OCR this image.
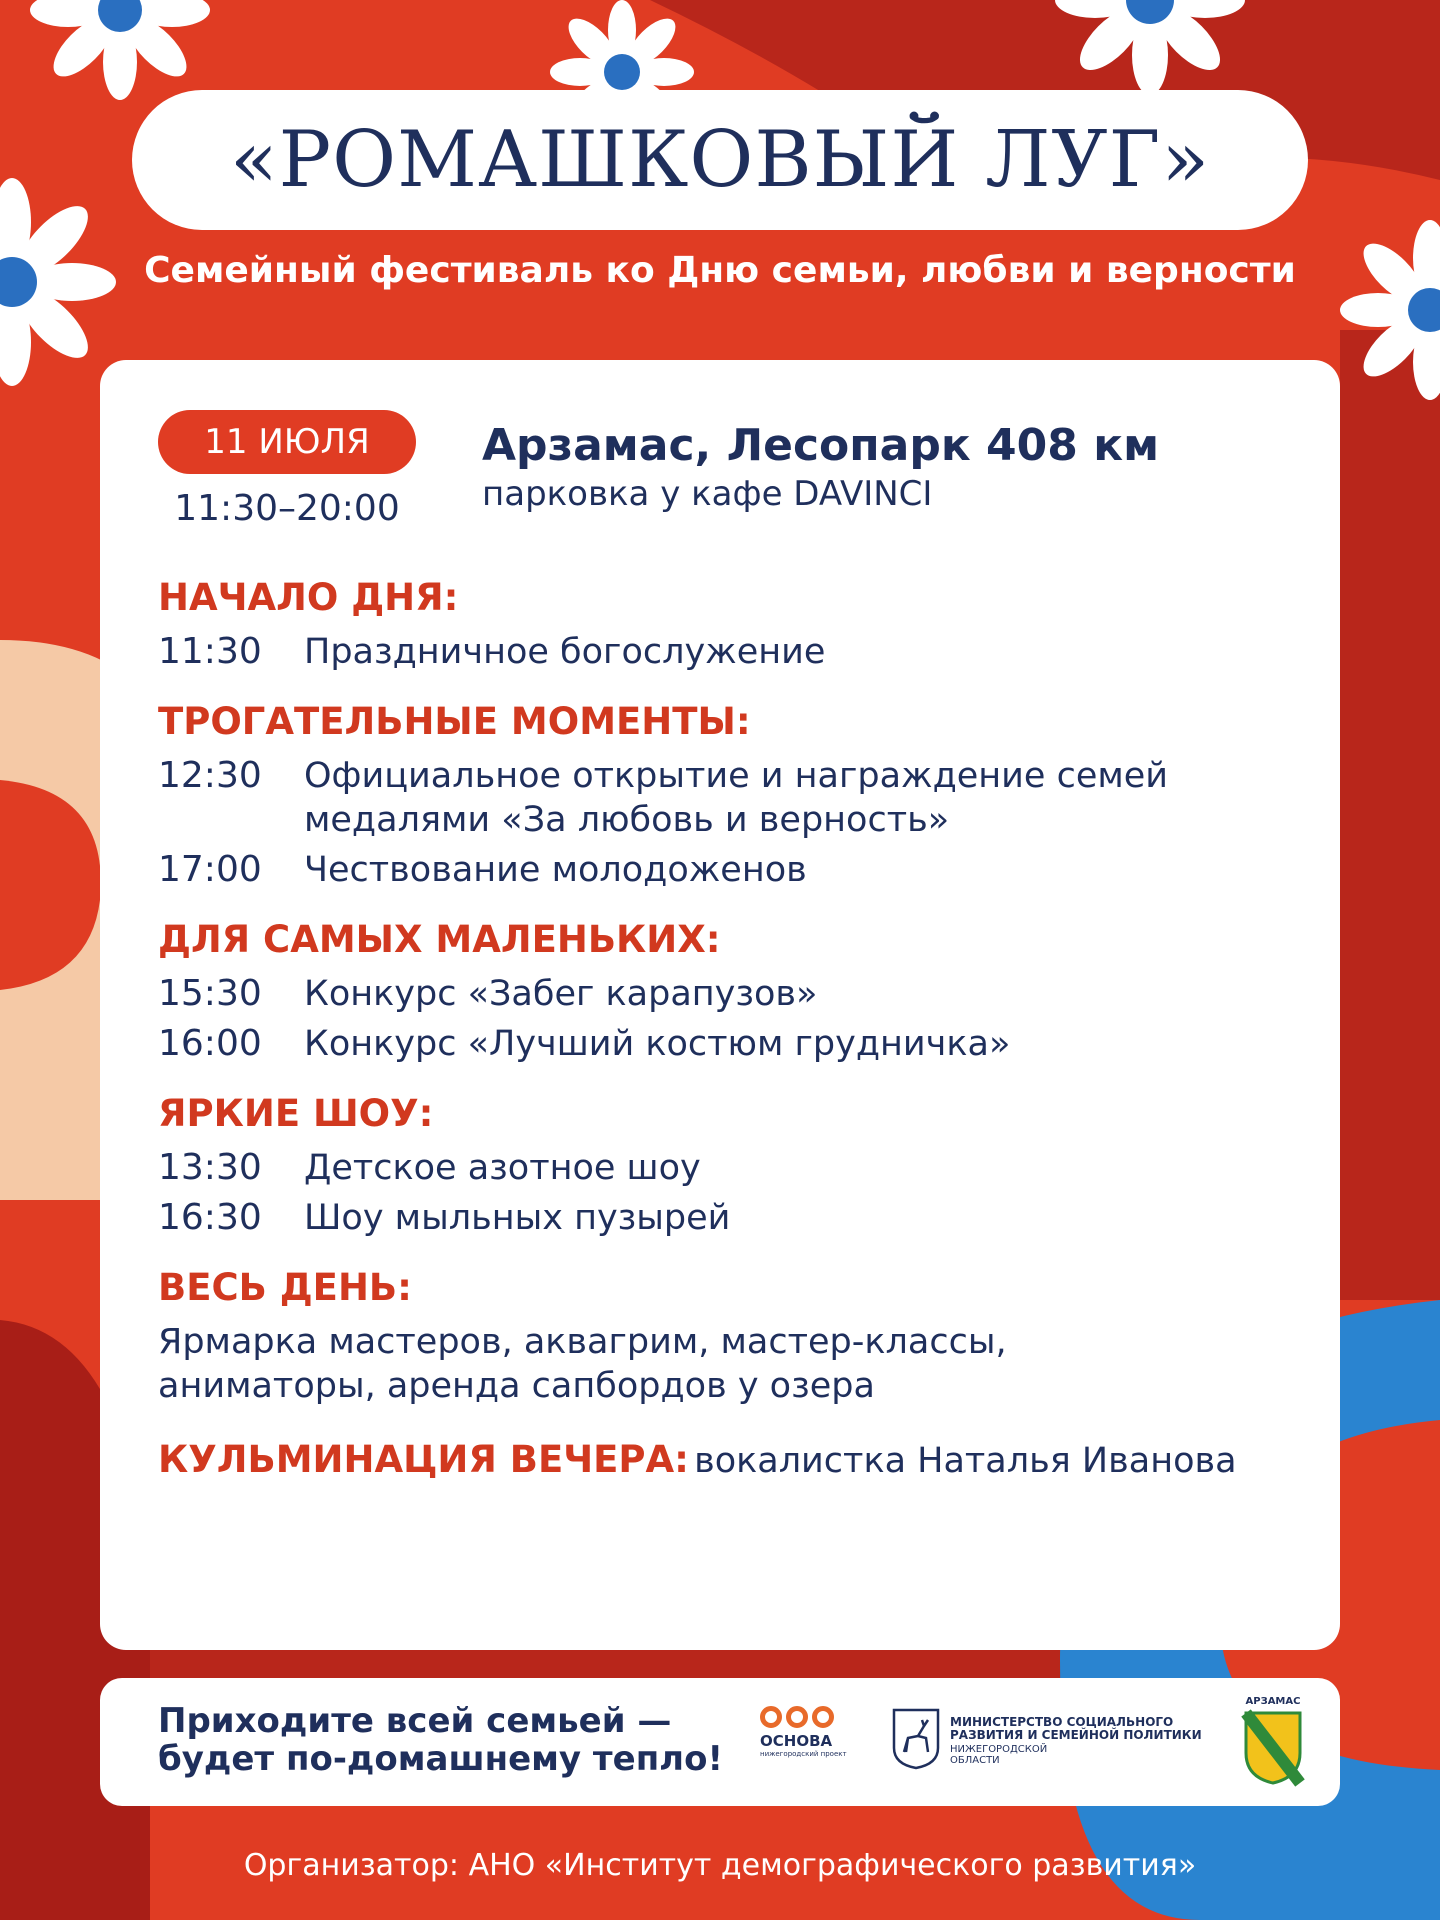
«РОМАШКОВЫЙ ЛУГ»
Семейный фестиваль ко Дню семьи, любви и верности
11 ИЮЛЯ
11:30–20:00
Арзамас, Лесопарк 408 км
парковка у кафе DAVINCI
НАЧАЛО ДНЯ:
11:30	Праздничное богослужение
ТРОГАТЕЛЬНЫЕ МОМЕНТЫ:
12:30	Официальное открытие и награждение семей медалями «За любовь и верность»
17:00	Чествование молодоженов
ДЛЯ САМЫХ МАЛЕНЬКИХ:
15:30	Конкурс «Забег карапузов»
16:00	Конкурс «Лучший костюм грудничка»
ЯРКИЕ ШОУ:
13:30	Детское азотное шоу
16:30	Шоу мыльных пузырей
ВЕСЬ ДЕНЬ:
Ярмарка мастеров, аквагрим, мастер-классы,
аниматоры, аренда сапбордов у озера
КУЛЬМИНАЦИЯ ВЕЧЕРА: вокалистка Наталья Иванова
Приходите всей семьей —
будет по-домашнему тепло! ОСНОВА
нижегородский проект
МИНИСТЕРСТВО СОЦИАЛЬНОГО
РАЗВИТИЯ И СЕМЕЙНОЙ ПОЛИТИКИ
НИЖЕГОРОДСКОЙ
ОБЛАСТИ
АРЗАМАС
Организатор: АНО «Институт демографического развития»
